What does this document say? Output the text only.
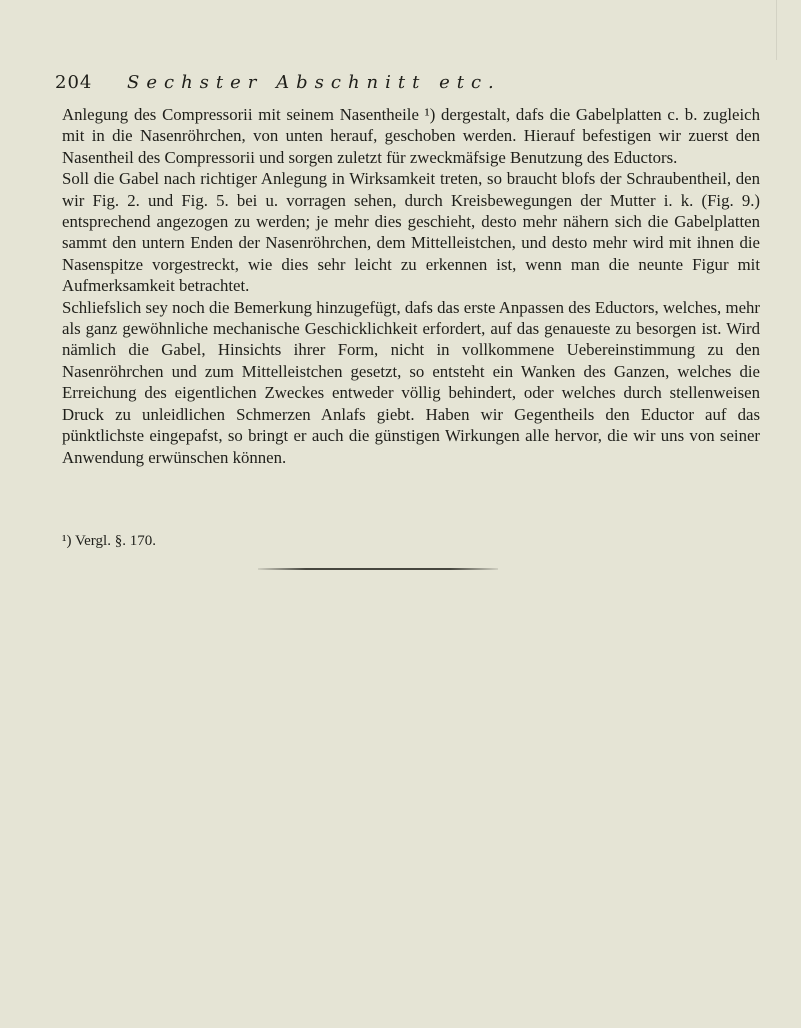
204 Sechster Abschnitt etc.

Anlegung des Compressorii mit seinem Nasentheile ¹) dergestalt, dafs die Gabelplatten c. b. zugleich mit in die Nasenröhrchen, von unten herauf, geschoben werden. Hierauf befestigen wir zuerst den Nasentheil des Compressorii und sorgen zuletzt für zweckmäfsige Benutzung des Eductors.

Soll die Gabel nach richtiger Anlegung in Wirksamkeit treten, so braucht blofs der Schraubentheil, den wir Fig. 2. und Fig. 5. bei u. vorragen sehen, durch Kreisbewegungen der Mutter i. k. (Fig. 9.) entsprechend angezogen zu werden; je mehr dies geschieht, desto mehr nähern sich die Gabelplatten sammt den untern Enden der Nasenröhrchen, dem Mittelleistchen, und desto mehr wird mit ihnen die Nasenspitze vorgestreckt, wie dies sehr leicht zu erkennen ist, wenn man die neunte Figur mit Aufmerksamkeit betrachtet.

Schliefslich sey noch die Bemerkung hinzugefügt, dafs das erste Anpassen des Eductors, welches, mehr als ganz gewöhnliche mechanische Geschicklichkeit erfordert, auf das genaueste zu besorgen ist. Wird nämlich die Gabel, Hinsichts ihrer Form, nicht in vollkommene Uebereinstimmung zu den Nasenröhrchen und zum Mittelleistchen gesetzt, so entsteht ein Wanken des Ganzen, welches die Erreichung des eigentlichen Zweckes entweder völlig behindert, oder welches durch stellenweisen Druck zu unleidlichen Schmerzen Anlafs giebt. Haben wir Gegentheils den Eductor auf das pünktlichste eingepafst, so bringt er auch die günstigen Wirkungen alle hervor, die wir uns von seiner Anwendung erwünschen können.

¹) Vergl. §. 170.
